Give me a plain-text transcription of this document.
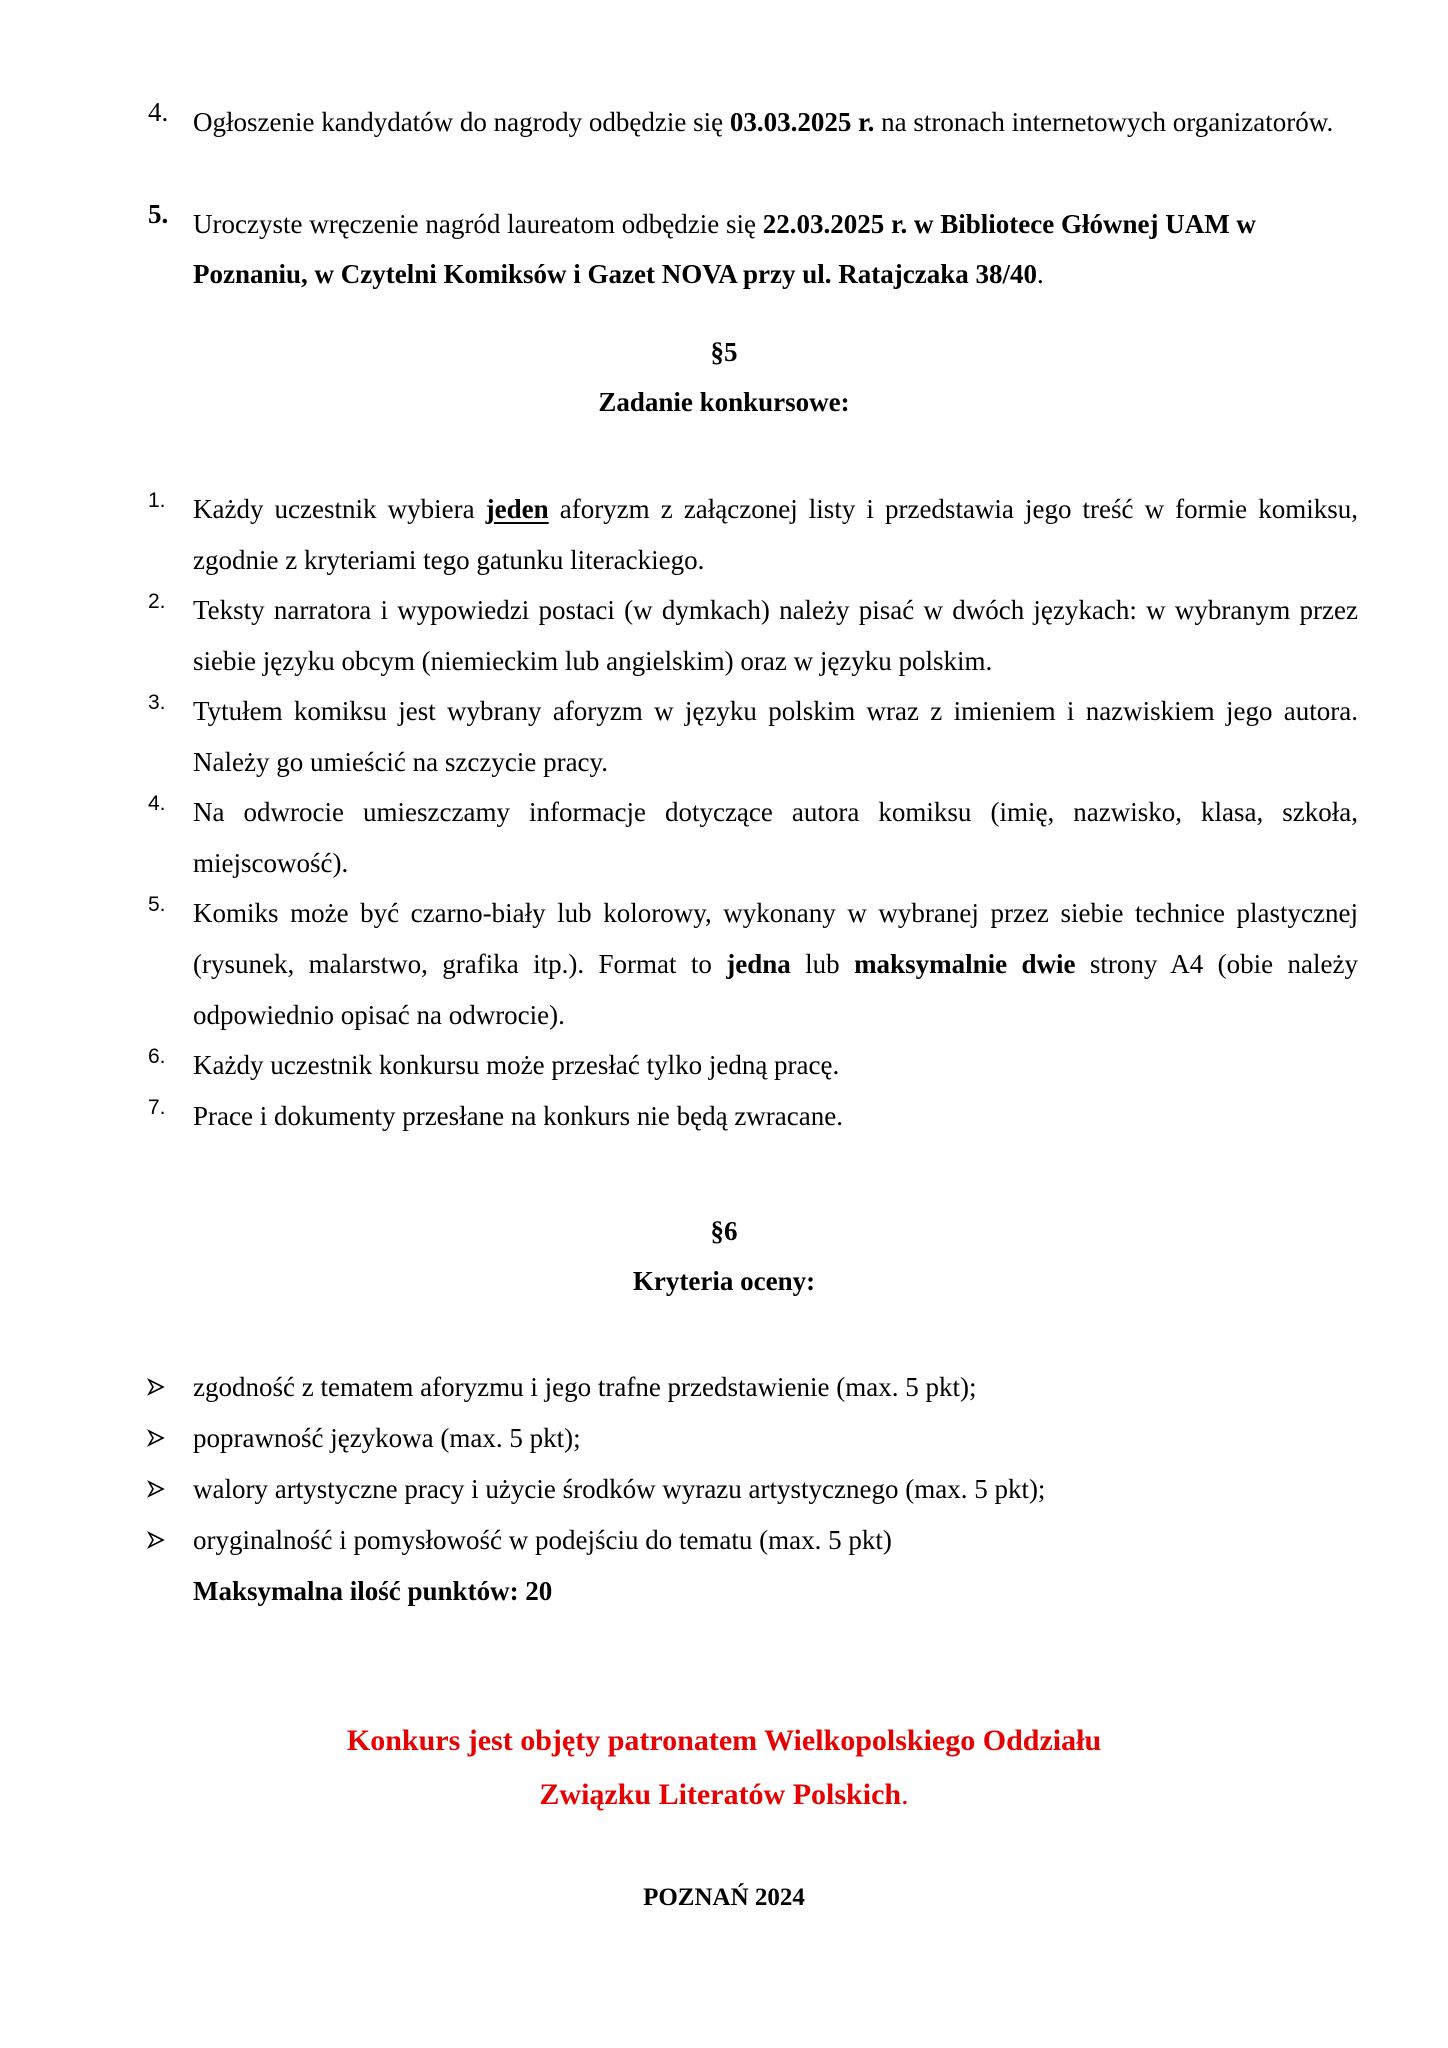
4. Ogłoszenie kandydatów do nagrody odbędzie się 03.03.2025 r. na stronach internetowych organizatorów.
5. Uroczyste wręczenie nagród laureatom odbędzie się 22.03.2025 r. w Bibliotece Głównej UAM w Poznaniu, w Czytelni Komiksów i Gazet NOVA przy ul. Ratajczaka 38/40.
§5
Zadanie konkursowe:
1.	Każdy uczestnik wybiera jeden aforyzm z załączonej listy i przedstawia jego treść w formie komiksu, zgodnie z kryteriami tego gatunku literackiego.
2.	Teksty narratora i wypowiedzi postaci (w dymkach) należy pisać w dwóch językach: w wybranym przez siebie języku obcym (niemieckim lub angielskim) oraz w języku polskim.
3.	Tytułem komiksu jest wybrany aforyzm w języku polskim wraz z imieniem i nazwiskiem jego autora. Należy go umieścić na szczycie pracy.
4.	Na odwrocie umieszczamy informacje dotyczące autora komiksu (imię, nazwisko, klasa, szkoła, miejscowość).
5.	Komiks może być czarno-biały lub kolorowy, wykonany w wybranej przez siebie technice plastycznej (rysunek, malarstwo, grafika itp.). Format to jedna lub maksymalnie dwie strony A4 (obie należy odpowiednio opisać na odwrocie).
6.	Każdy uczestnik konkursu może przesłać tylko jedną pracę.
7.	Prace i dokumenty przesłane na konkurs nie będą zwracane.
§6
Kryteria oceny:
zgodność z tematem aforyzmu i jego trafne przedstawienie (max. 5 pkt);
poprawność językowa (max. 5 pkt);
walory artystyczne pracy i użycie środków wyrazu artystycznego (max. 5 pkt);
oryginalność i pomysłowość w podejściu do tematu (max. 5 pkt)
Maksymalna ilość punktów: 20
Konkurs jest objęty patronatem Wielkopolskiego Oddziału
Związku Literatów Polskich.
POZNAŃ 2024
